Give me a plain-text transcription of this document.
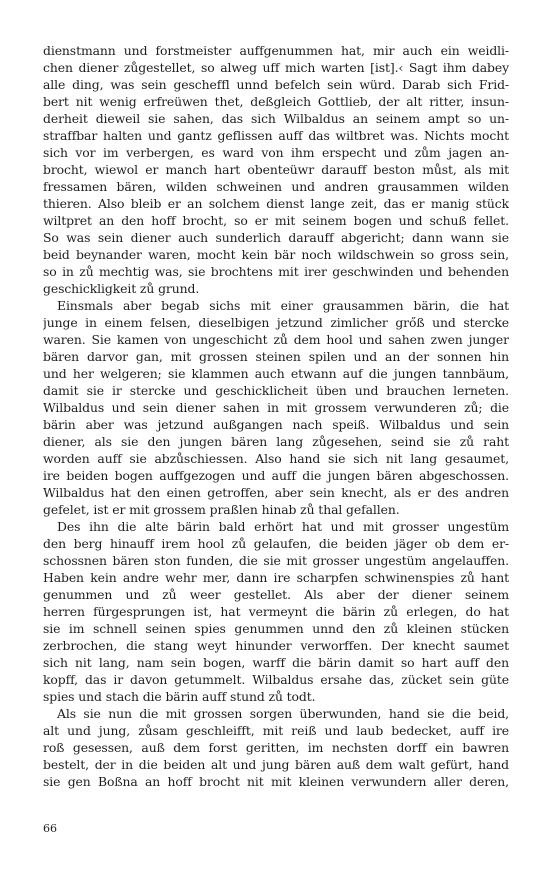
dienstmann und forstmeister auffgenummen hat, mir auch ein weidli-
chen diener zůgestellet, so alweg uff mich warten [ist].‹ Sagt ihm dabey
alle ding, was sein gescheffl unnd befelch sein würd. Darab sich Frid-
bert nit wenig erfreüwen thet, deßgleich Gottlieb, der alt ritter, insun-
derheit dieweil sie sahen, das sich Wilbaldus an seinem ampt so un-
straffbar halten und gantz geflissen auff das wiltbret was. Nichts mocht
sich vor im verbergen, es ward von ihm erspecht und zům jagen an-
brocht, wiewol er manch hart obenteüwr darauff beston můst, als mit
fressamen bären, wilden schweinen und andren grausammen wilden
thieren. Also bleib er an solchem dienst lange zeit, das er manig stück
wiltpret an den hoff brocht, so er mit seinem bogen und schuß fellet.
So was sein diener auch sunderlich darauff abgericht; dann wann sie
beid beynander waren, mocht kein bär noch wildschwein so gross sein,
so in zů mechtig was, sie brochtens mit irer geschwinden und behenden
geschickligkeit zů grund.
Einsmals aber begab sichs mit einer grausammen bärin, die hat
junge in einem felsen, dieselbigen jetzund zimlicher grőß und stercke
waren. Sie kamen von ungeschicht zů dem hool und sahen zwen junger
bären darvor gan, mit grossen steinen spilen und an der sonnen hin
und her welgeren; sie klammen auch etwann auf die jungen tannbäum,
damit sie ir stercke und geschicklicheit üben und brauchen lerneten.
Wilbaldus und sein diener sahen in mit grossem verwunderen zů; die
bärin aber was jetzund außgangen nach speiß. Wilbaldus und sein
diener, als sie den jungen bären lang zůgesehen, seind sie zů raht
worden auff sie abzůschiessen. Also hand sie sich nit lang gesaumet,
ire beiden bogen auffgezogen und auff die jungen bären abgeschossen.
Wilbaldus hat den einen getroffen, aber sein knecht, als er des andren
gefelet, ist er mit grossem praßlen hinab zů thal gefallen.
Des ihn die alte bärin bald erhört hat und mit grosser ungestüm
den berg hinauff irem hool zů gelaufen, die beiden jäger ob dem er-
schossnen bären ston funden, die sie mit grosser ungestüm angelauffen.
Haben kein andre wehr mer, dann ire scharpfen schwinenspies zů hant
genummen und zů weer gestellet. Als aber der diener seinem
herren fürgesprungen ist, hat vermeynt die bärin zů erlegen, do hat
sie im schnell seinen spies genummen unnd den zů kleinen stücken
zerbrochen, die stang weyt hinunder verworffen. Der knecht saumet
sich nit lang, nam sein bogen, warff die bärin damit so hart auff den
kopff, das ir davon getummelt. Wilbaldus ersahe das, zücket sein güte
spies und stach die bärin auff stund zů todt.
Als sie nun die mit grossen sorgen überwunden, hand sie die beid,
alt und jung, zůsam geschleifft, mit reiß und laub bedecket, auff ire
roß gesessen, auß dem forst geritten, im nechsten dorff ein bawren
bestelt, der in die beiden alt und jung bären auß dem walt gefürt, hand
sie gen Boßna an hoff brocht nit mit kleinen verwundern aller deren,
66
